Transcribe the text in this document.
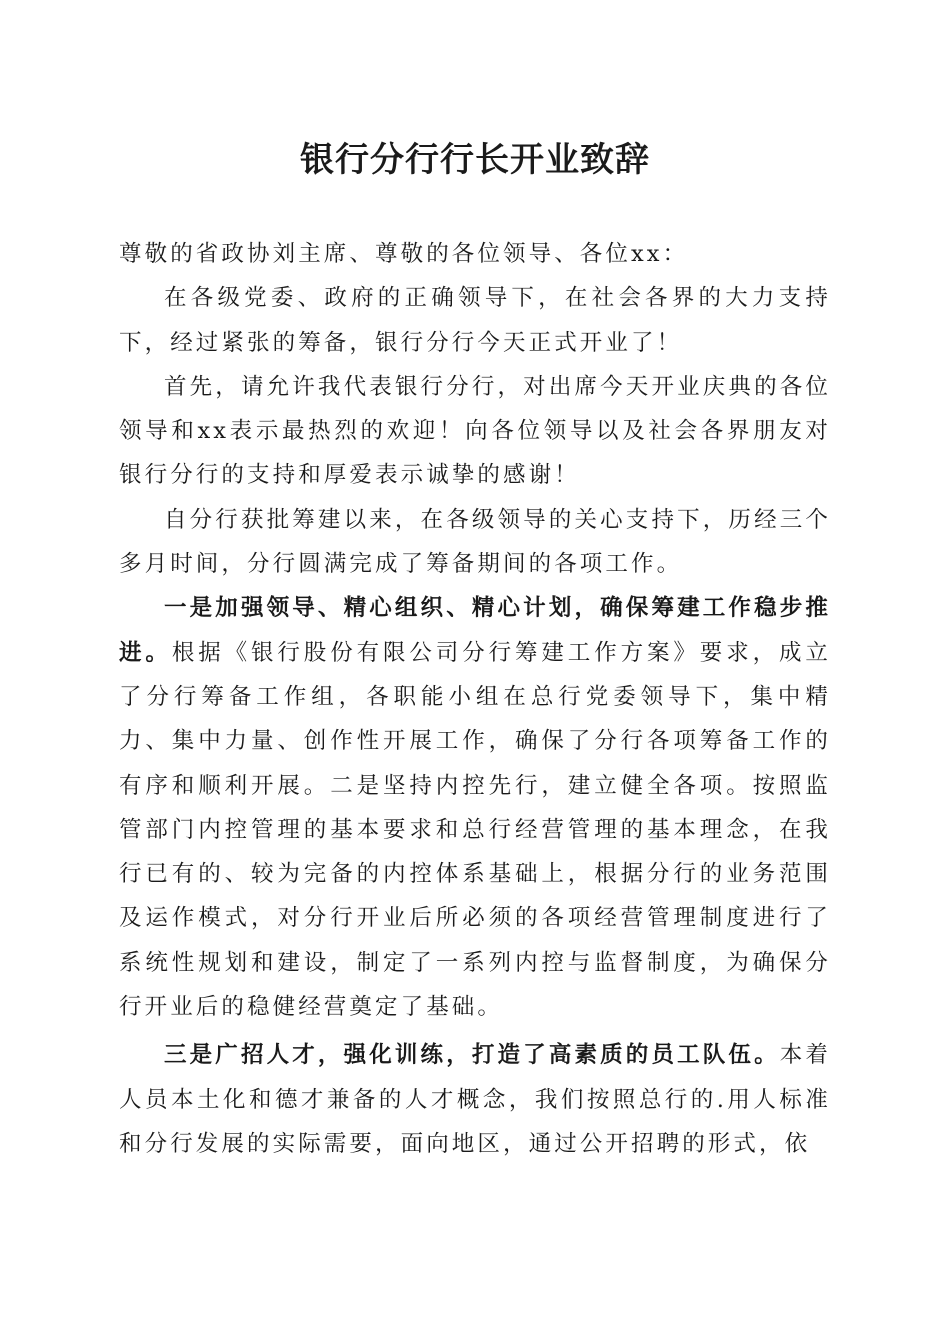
银行分行行长开业致辞

尊敬的省政协刘主席、尊敬的各位领导、各位xx：

在各级党委、政府的正确领导下，在社会各界的大力支持下，经过紧张的筹备，银行分行今天正式开业了！

首先，请允许我代表银行分行，对出席今天开业庆典的各位领导和xx表示最热烈的欢迎！向各位领导以及社会各界朋友对银行分行的支持和厚爱表示诚挚的感谢！

自分行获批筹建以来，在各级领导的关心支持下，历经三个多月时间，分行圆满完成了筹备期间的各项工作。

一是加强领导、精心组织、精心计划，确保筹建工作稳步推进。根据《银行股份有限公司分行筹建工作方案》要求，成立了分行筹备工作组，各职能小组在总行党委领导下，集中精力、集中力量、创作性开展工作，确保了分行各项筹备工作的有序和顺利开展。二是坚持内控先行，建立健全各项。按照监管部门内控管理的基本要求和总行经营管理的基本理念，在我行已有的、较为完备的内控体系基础上，根据分行的业务范围及运作模式，对分行开业后所必须的各项经营管理制度进行了系统性规划和建设，制定了一系列内控与监督制度，为确保分行开业后的稳健经营奠定了基础。

三是广招人才，强化训练，打造了高素质的员工队伍。本着人员本土化和德才兼备的人才概念，我们按照总行的.用人标准和分行发展的实际需要，面向地区，通过公开招聘的形式，依
